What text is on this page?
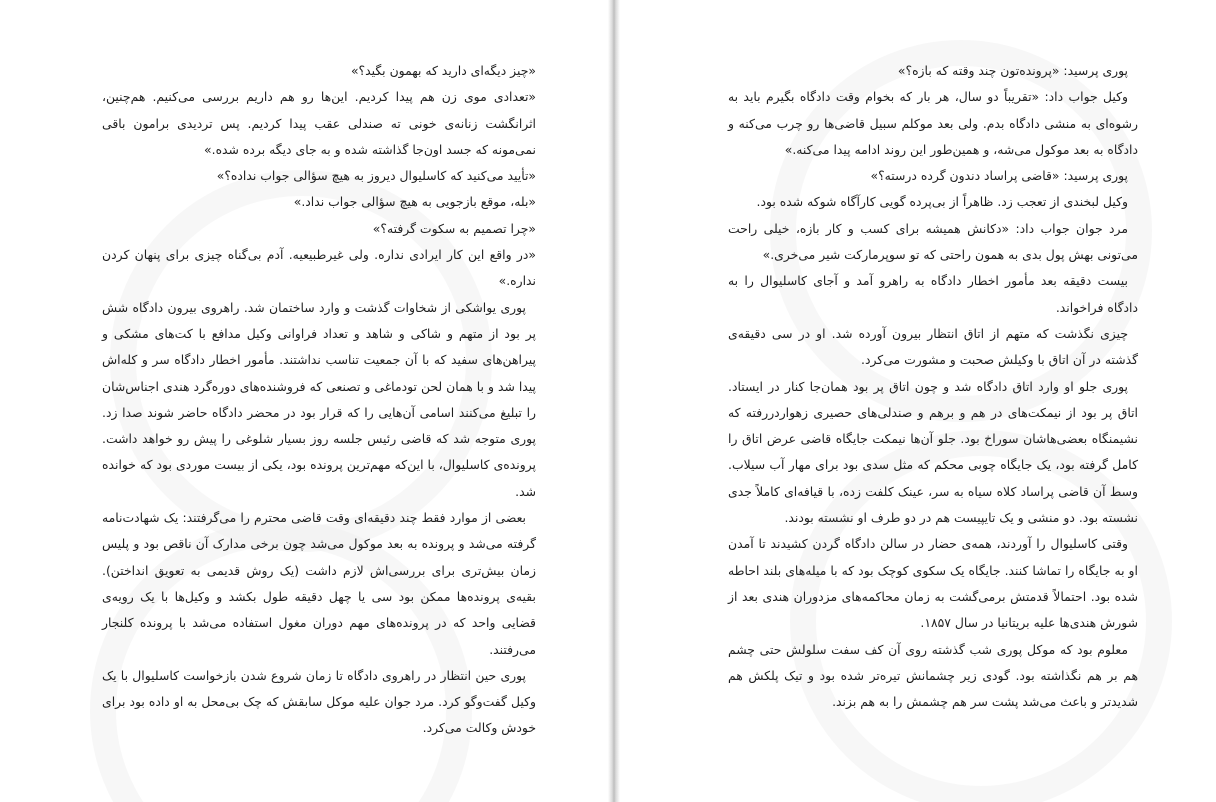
«چیز دیگه‌ای دارید که بهمون بگید؟»

«تعدادی موی زن هم پیدا کردیم. این‌ها رو هم داریم بررسی می‌کنیم. هم‌چنین، اثرانگشت زنانه‌ی خونی ته صندلی عقب پیدا کردیم. پس تردیدی برامون باقی نمی‌مونه که جسد اون‌جا گذاشته شده و به جای دیگه برده شده.»

«تأیید می‌کنید که کاسلیوال دیروز به هیچ سؤالی جواب نداده؟»

«بله، موقع بازجویی به هیچ سؤالی جواب نداد.»

«چرا تصمیم به سکوت گرفته؟»

«در واقع این کار ایرادی نداره. ولی غیرطبیعیه. آدم بی‌گناه چیزی برای پنهان کردن نداره.»

پوری یواشکی از شخاوات گذشت و وارد ساختمان شد. راهروی بیرون دادگاه شش پر بود از متهم و شاکی و شاهد و تعداد فراوانی وکیل مدافع با کت‌های مشکی و پیراهن‌های سفید که با آن جمعیت تناسب نداشتند. مأمور اخطار دادگاه سر و کله‌اش پیدا شد و با همان لحن تودماغی و تصنعی که فروشنده‌های دوره‌گرد هندی اجناس‌شان را تبلیغ می‌کنند اسامی آن‌هایی را که قرار بود در محضر دادگاه حاضر شوند صدا زد. پوری متوجه شد که قاضی رئیس جلسه روز بسیار شلوغی را پیش رو خواهد داشت. پرونده‌ی کاسلیوال، با این‌که مهم‌ترین پرونده بود، یکی از بیست موردی بود که خوانده شد.

بعضی از موارد فقط چند دقیقه‌ای وقت قاضی محترم را می‌گرفتند: یک شهادت‌نامه گرفته می‌شد و پرونده به بعد موکول می‌شد چون برخی مدارک آن ناقص بود و پلیس زمان بیش‌تری برای بررسی‌اش لازم داشت (یک روش قدیمی به تعویق انداختن). بقیه‌ی پرونده‌ها ممکن بود سی یا چهل دقیقه طول بکشد و وکیل‌ها با یک رویه‌ی قضایی واحد که در پرونده‌های مهم دوران مغول استفاده می‌شد با پرونده کلنجار می‌رفتند.

پوری حین انتظار در راهروی دادگاه تا زمان شروع شدن بازخواست کاسلیوال با یک وکیل گفت‌وگو کرد. مرد جوان علیه موکل سابقش که چک بی‌محل به او داده بود برای خودش وکالت می‌کرد.

پوری پرسید: «پرونده‌تون چند وقته که بازه؟»

وکیل جواب داد: «تقریباً دو سال، هر بار که بخوام وقت دادگاه بگیرم باید به رشوه‌ای به منشی دادگاه بدم. ولی بعد موکلم سبیل قاضی‌ها رو چرب می‌کنه و دادگاه به بعد موکول می‌شه، و همین‌طور این روند ادامه پیدا می‌کنه.»

پوری پرسید: «قاضی پراساد دندون گرده درسته؟»

وکیل لبخندی از تعجب زد. ظاهراً از بی‌پرده گویی کارآگاه شوکه شده بود.

مرد جوان جواب داد: «دکانش همیشه برای کسب و کار بازه، خیلی راحت می‌تونی بهش پول بدی به همون راحتی که تو سوپرمارکت شیر می‌خری.»

بیست دقیقه بعد مأمور اخطار دادگاه به راهرو آمد و آجای کاسلیوال را به دادگاه فراخواند.

چیزی نگذشت که متهم از اتاق انتظار بیرون آورده شد. او در سی دقیقه‌ی گذشته در آن اتاق با وکیلش صحبت و مشورت می‌کرد.

پوری جلو او وارد اتاق دادگاه شد و چون اتاق پر بود همان‌جا کنار در ایستاد. اتاق پر بود از نیمکت‌های در هم و برهم و صندلی‌های حصیری زهواردررفته که نشیمنگاه بعضی‌هاشان سوراخ بود. جلو آن‌ها نیمکت جایگاه قاضی عرض اتاق را کامل گرفته بود، یک جایگاه چوبی محکم که مثل سدی بود برای مهار آب سیلاب. وسط آن قاضی پراساد کلاه سیاه به سر، عینک کلفت زده، با قیافه‌ای کاملاً جدی نشسته بود. دو منشی و یک تایپیست هم در دو طرف او نشسته بودند.

وقتی کاسلیوال را آوردند، همه‌ی حضار در سالن دادگاه گردن کشیدند تا آمدن او به جایگاه را تماشا کنند. جایگاه یک سکوی کوچک بود که با میله‌های بلند احاطه شده بود. احتمالاً قدمتش برمی‌گشت به زمان محاکمه‌های مزدوران هندی بعد از شورش هندی‌ها علیه بریتانیا در سال ۱۸۵۷.

معلوم بود که موکل پوری شب گذشته روی آن کف سفت سلولش حتی چشم هم بر هم نگذاشته بود. گودی زیر چشمانش تیره‌تر شده بود و تیک پلکش هم شدیدتر و باعث می‌شد پشت سر هم چشمش را به هم بزند.
